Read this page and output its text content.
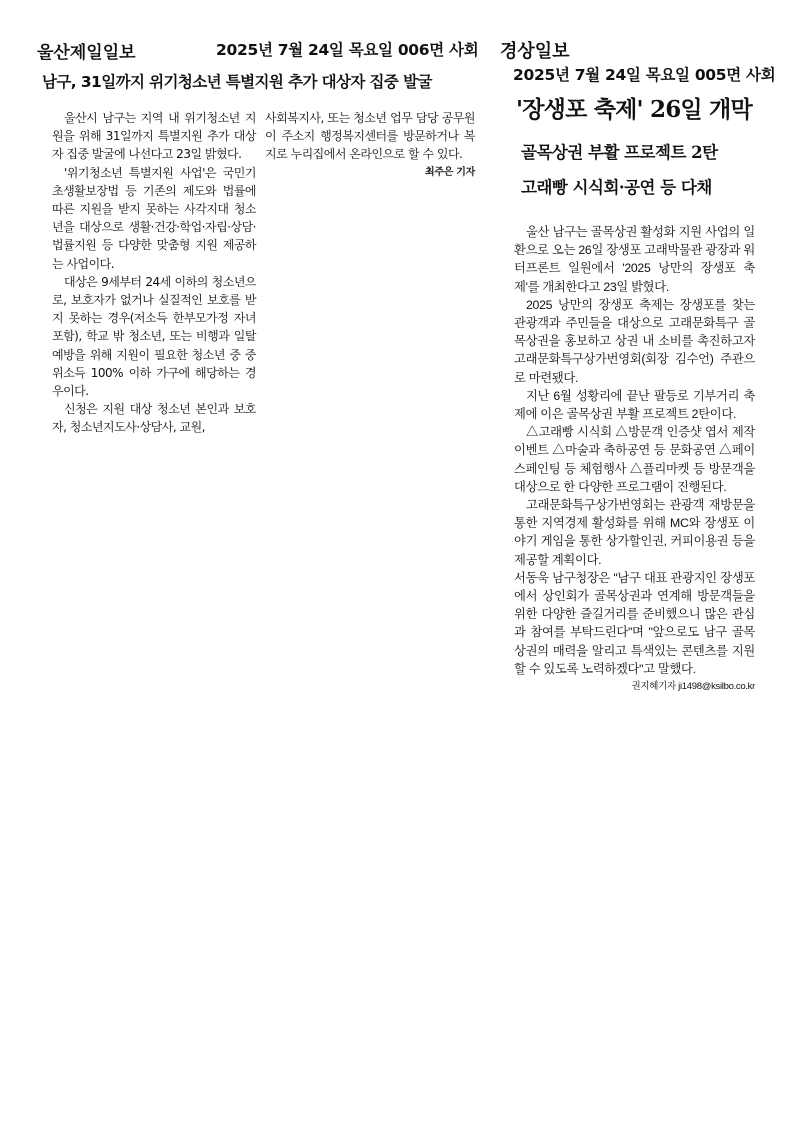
울산제일일보	2025년 7월 24일 목요일 006면 사회
남구, 31일까지 위기청소년 특별지원 추가 대상자 집중 발굴

울산시 남구는 지역 내 위기청소년 지원을 위해 31일까지 특별지원 추가 대상자 집중 발굴에 나선다고 23일 밝혔다.

'위기청소년 특별지원 사업'은 국민기초생활보장법 등 기존의 제도와 법률에 따른 지원을 받지 못하는 사각지대 청소년을 대상으로 생활·건강·학업·자립·상담·법률지원 등 다양한 맞춤형 지원 제공하는 사업이다.

대상은 9세부터 24세 이하의 청소년으로, 보호자가 없거나 실질적인 보호를 받지 못하는 경우(저소득 한부모가정 자녀 포함), 학교 밖 청소년, 또는 비행과 일탈 예방을 위해 지원이 필요한 청소년 중 중위소득 100% 이하 가구에 해당하는 경우이다.

신청은 지원 대상 청소년 본인과 보호자, 청소년지도사·상담사, 교원,

사회복지사, 또는 청소년 업무 담당 공무원이 주소지 행정복지센터를 방문하거나 복지로 누리집에서 온라인으로 할 수 있다.
최주은 기자
경상일보
2025년 7월 24일 목요일 005면 사회
'장생포 축제' 26일 개막
골목상권 부활 프로젝트 2탄
고래빵 시식회·공연 등 다채

울산 남구는 골목상권 활성화 지원 사업의 일환으로 오는 26일 장생포 고래박물관 광장과 워터프론트 일원에서 '2025 낭만의 장생포 축제'를 개최한다고 23일 밝혔다.

2025 낭만의 장생포 축제는 장생포를 찾는 관광객과 주민들을 대상으로 고래문화특구 골목상권을 홍보하고 상권 내 소비를 촉진하고자 고래문화특구상가번영회(회장 김수언) 주관으로 마련됐다.

지난 6월 성황리에 끝난 팔등로 기부거리 축제에 이은 골목상권 부활 프로젝트 2탄이다.

△고래빵 시식회 △방문객 인증샷 엽서 제작 이벤트 △마술과 축하공연 등 문화공연 △페이스페인팅 등 체험행사 △플리마켓 등 방문객을 대상으로 한 다양한 프로그램이 진행된다.

고래문화특구상가번영회는 관광객 재방문을 통한 지역경제 활성화를 위해 MC와 장생포 이야기 게임을 통한 상가할인권, 커피이용권 등을 제공할 계획이다.

서동욱 남구청장은 "남구 대표 관광지인 장생포에서 상인회가 골목상권과 연계해 방문객들을 위한 다양한 즐길거리를 준비했으니 많은 관심과 참여를 부탁드린다"며 "앞으로도 남구 골목상권의 매력을 알리고 특색있는 콘텐츠를 지원할 수 있도록 노력하겠다"고 말했다.

권지혜기자 ji1498@ksilbo.co.kr
